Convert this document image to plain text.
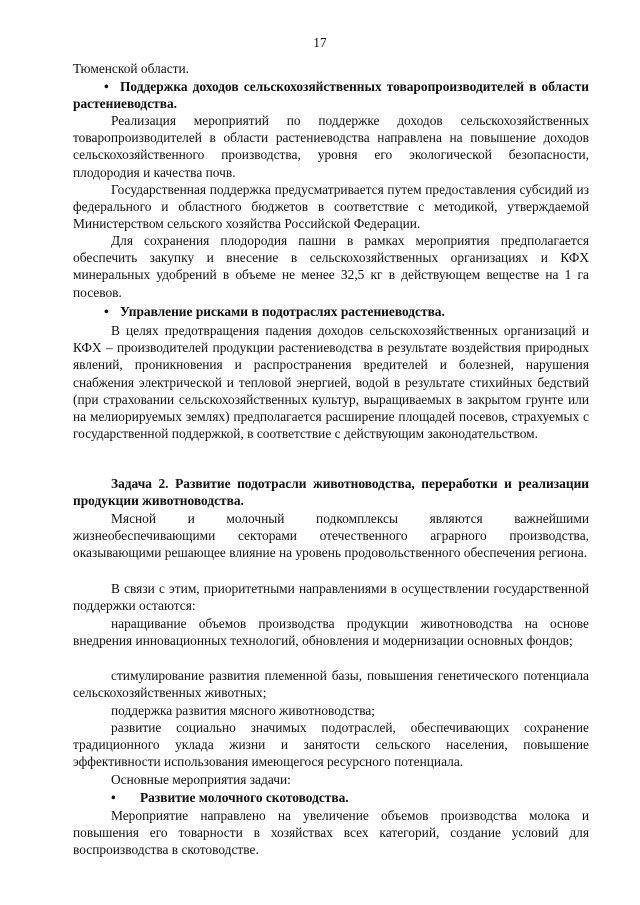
17

Тюменской области.

• Поддержка доходов сельскохозяйственных товаропроизводителей в области растениеводства.

Реализация мероприятий по поддержке доходов сельскохозяйственных товаропроизводителей в области растениеводства направлена на повышение доходов сельскохозяйственного производства, уровня его экологической безопасности, плодородия и качества почв.

Государственная поддержка предусматривается путем предоставления субсидий из федерального и областного бюджетов в соответствие с методикой, утверждаемой Министерством сельского хозяйства Российской Федерации.

Для сохранения плодородия пашни в рамках мероприятия предполагается обеспечить закупку и внесение в сельскохозяйственных организациях и КФХ минеральных удобрений в объеме не менее 32,5 кг в действующем веществе на 1 га посевов.

• Управление рисками в подотраслях растениеводства.

В целях предотвращения падения доходов сельскохозяйственных организаций и КФХ – производителей продукции растениеводства в результате воздействия природных явлений, проникновения и распространения вредителей и болезней, нарушения снабжения электрической и тепловой энергией, водой в результате стихийных бедствий (при страховании сельскохозяйственных культур, выращиваемых в закрытом грунте или на мелиорируемых землях) предполагается расширение площадей посевов, страхуемых с государственной поддержкой, в соответствие с действующим законодательством.

Задача 2. Развитие подотрасли животноводства, переработки и реализации продукции животноводства.

Мясной и молочный подкомплексы являются важнейшими жизнеобеспечивающими секторами отечественного аграрного производства, оказывающими решающее влияние на уровень продовольственного обеспечения региона.

В связи с этим, приоритетными направлениями в осуществлении государственной поддержки остаются:

наращивание объемов производства продукции животноводства на основе внедрения инновационных технологий, обновления и модернизации основных фондов;

стимулирование развития племенной базы, повышения генетического потенциала сельскохозяйственных животных;

поддержка развития мясного животноводства;

развитие социально значимых подотраслей, обеспечивающих сохранение традиционного уклада жизни и занятости сельского населения, повышение эффективности использования имеющегося ресурсного потенциала.

Основные мероприятия задачи:

•	Развитие молочного скотоводства.

Мероприятие направлено на увеличение объемов производства молока и повышения его товарности в хозяйствах всех категорий, создание условий для воспроизводства в скотоводстве.
